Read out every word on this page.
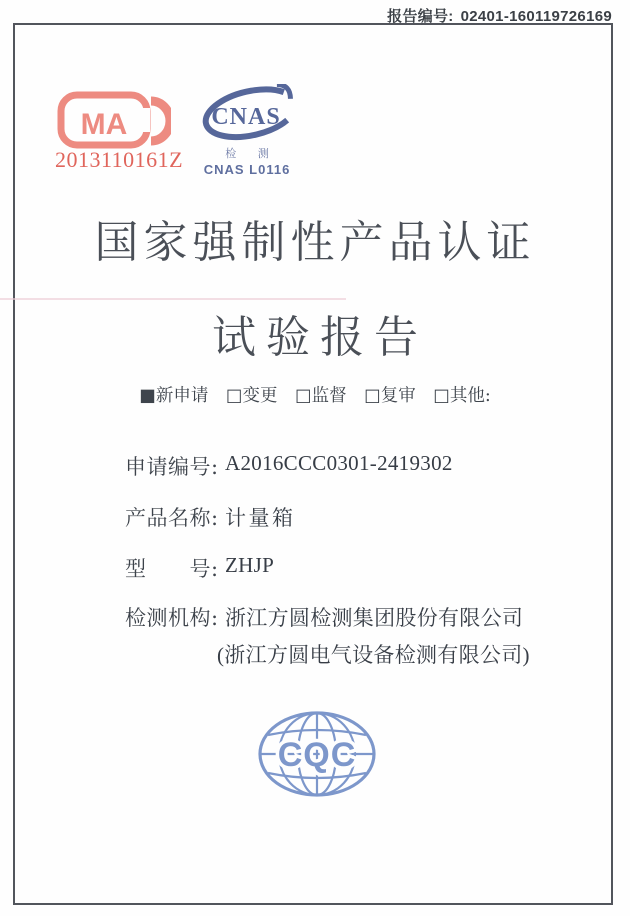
报告编号: 02401-160119726169
MA
2013110161Z
CNAS
检 测
CNAS L0116
国家强制性产品认证
试验报告
■新申请 □变更 □监督 □复审 □其他:
申请编号: A2016CCC0301-2419302
产品名称: 计量箱
型　　号: ZHJP
检测机构: 浙江方圆检测集团股份有限公司
(浙江方圆电气设备检测有限公司)
CQC
